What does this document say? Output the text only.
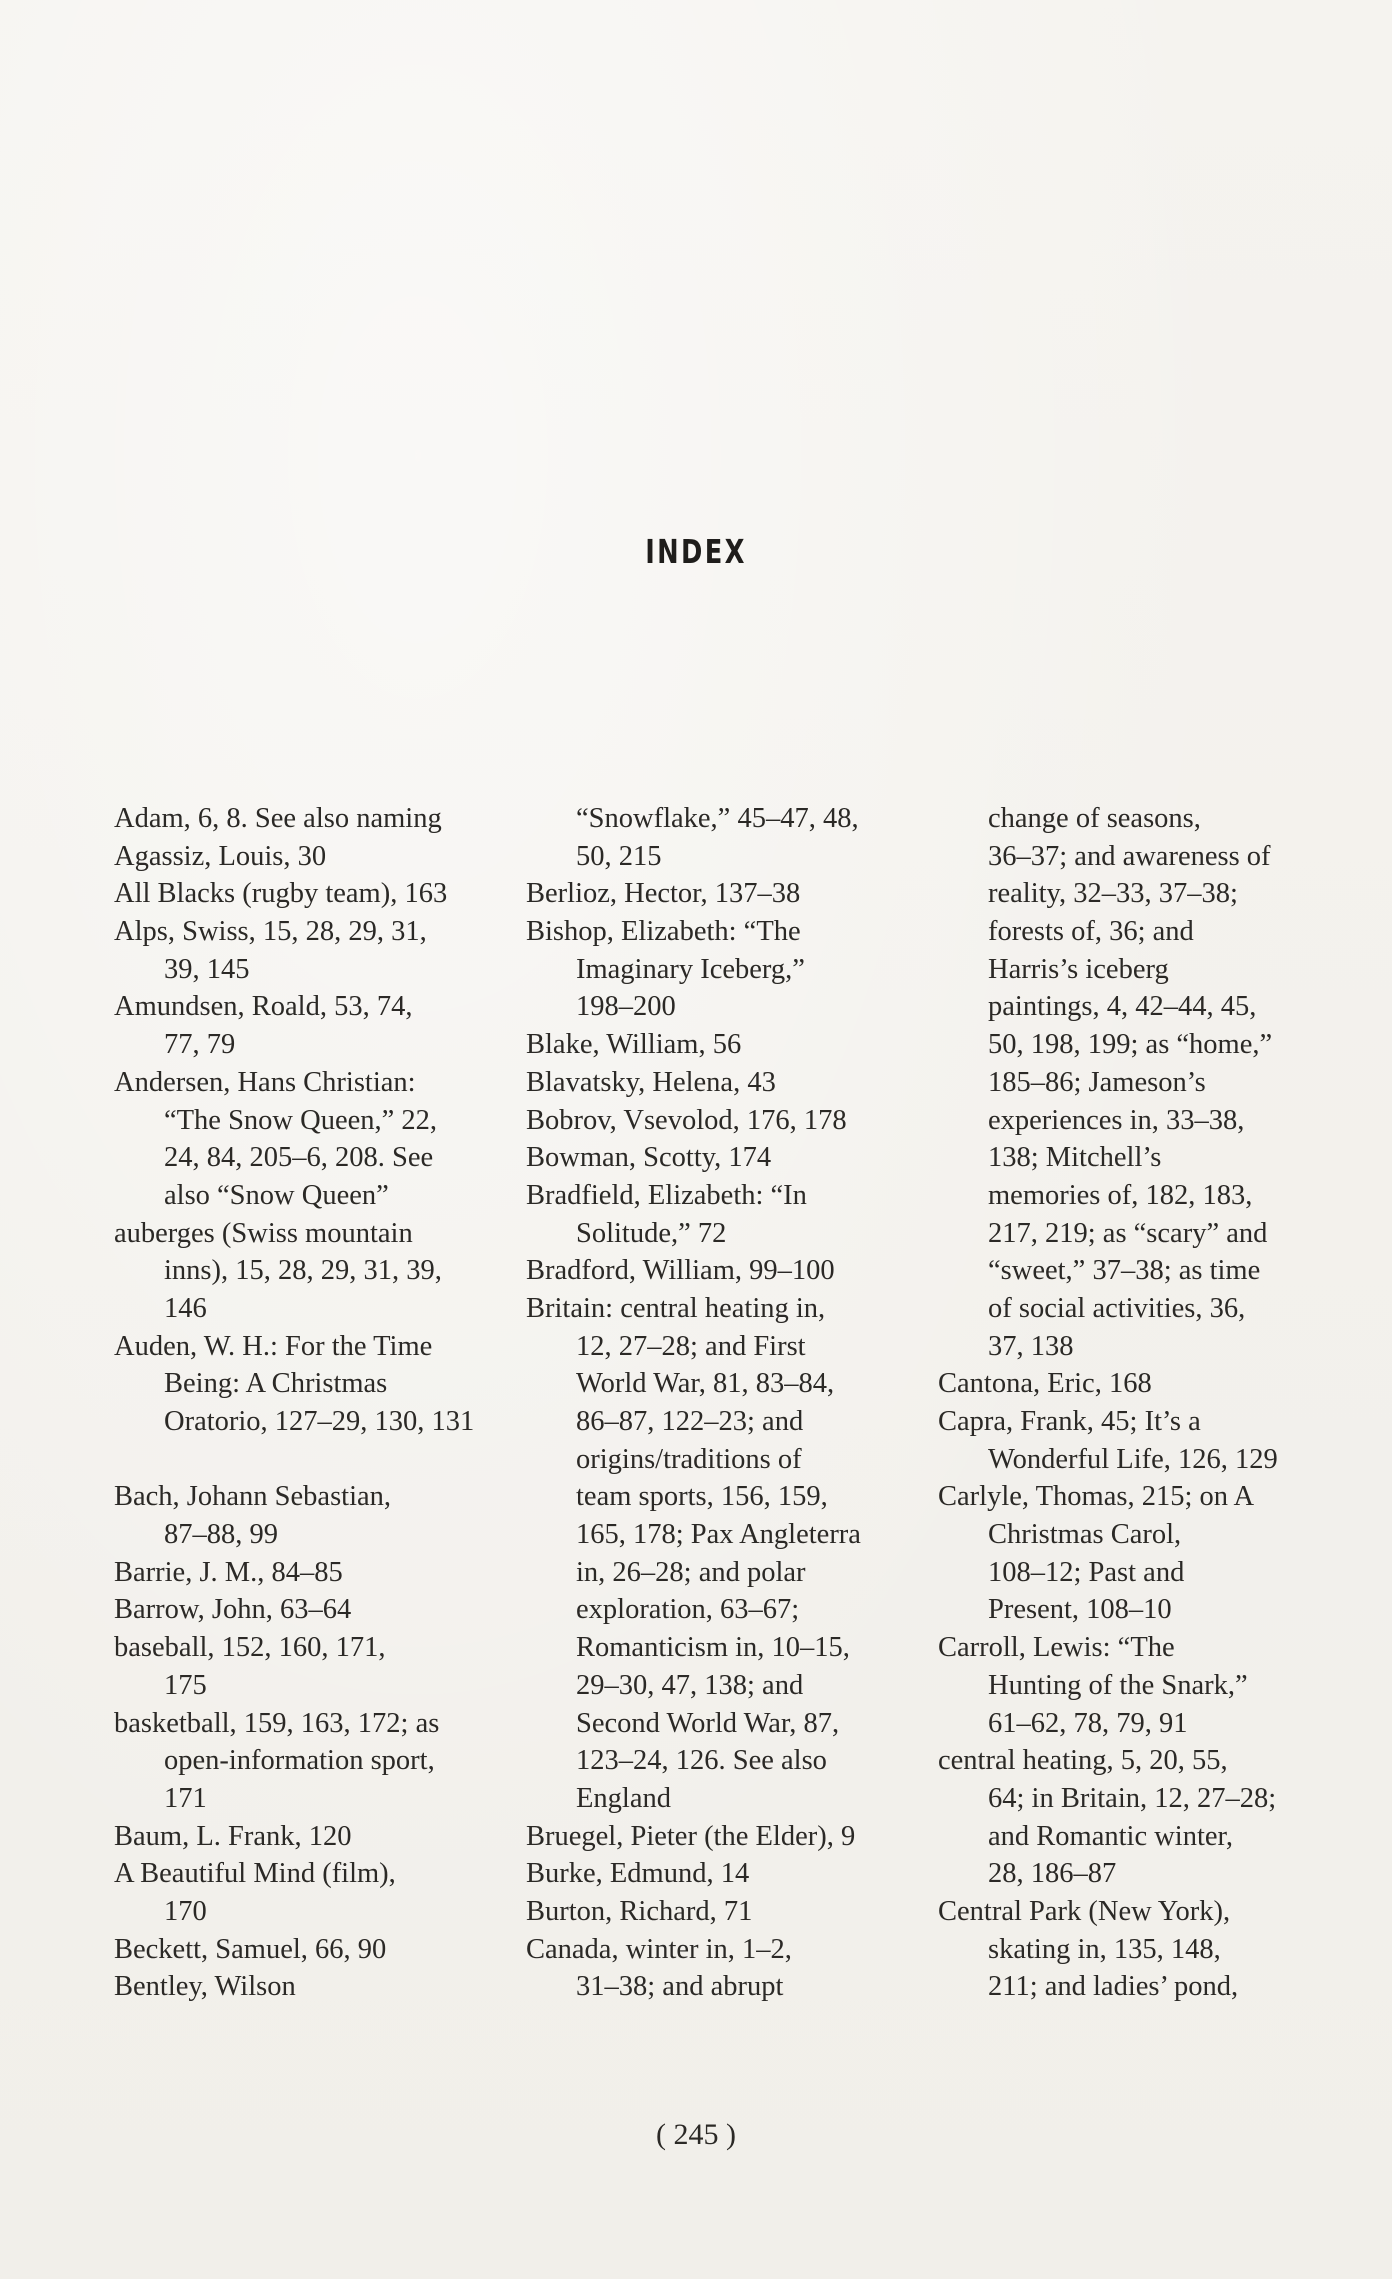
INDEX
Adam, 6, 8. See also naming
Agassiz, Louis, 30
All Blacks (rugby team), 163
Alps, Swiss, 15, 28, 29, 31,
39, 145
Amundsen, Roald, 53, 74,
77, 79
Andersen, Hans Christian:
“The Snow Queen,” 22,
24, 84, 205–6, 208. See
also “Snow Queen”
auberges (Swiss mountain
inns), 15, 28, 29, 31, 39,
146
Auden, W. H.: For the Time
Being: A Christmas
Oratorio, 127–29, 130, 131
Bach, Johann Sebastian,
87–88, 99
Barrie, J. M., 84–85
Barrow, John, 63–64
baseball, 152, 160, 171,
175
basketball, 159, 163, 172; as
open-information sport,
171
Baum, L. Frank, 120
A Beautiful Mind (film),
170
Beckett, Samuel, 66, 90
Bentley, Wilson
“Snowflake,” 45–47, 48,
50, 215
Berlioz, Hector, 137–38
Bishop, Elizabeth: “The
Imaginary Iceberg,”
198–200
Blake, William, 56
Blavatsky, Helena, 43
Bobrov, Vsevolod, 176, 178
Bowman, Scotty, 174
Bradfield, Elizabeth: “In
Solitude,” 72
Bradford, William, 99–100
Britain: central heating in,
12, 27–28; and First
World War, 81, 83–84,
86–87, 122–23; and
origins/traditions of
team sports, 156, 159,
165, 178; Pax Angleterra
in, 26–28; and polar
exploration, 63–67;
Romanticism in, 10–15,
29–30, 47, 138; and
Second World War, 87,
123–24, 126. See also
England
Bruegel, Pieter (the Elder), 9
Burke, Edmund, 14
Burton, Richard, 71
Canada, winter in, 1–2,
31–38; and abrupt
change of seasons,
36–37; and awareness of
reality, 32–33, 37–38;
forests of, 36; and
Harris’s iceberg
paintings, 4, 42–44, 45,
50, 198, 199; as “home,”
185–86; Jameson’s
experiences in, 33–38,
138; Mitchell’s
memories of, 182, 183,
217, 219; as “scary” and
“sweet,” 37–38; as time
of social activities, 36,
37, 138
Cantona, Eric, 168
Capra, Frank, 45; It’s a
Wonderful Life, 126, 129
Carlyle, Thomas, 215; on A
Christmas Carol,
108–12; Past and
Present, 108–10
Carroll, Lewis: “The
Hunting of the Snark,”
61–62, 78, 79, 91
central heating, 5, 20, 55,
64; in Britain, 12, 27–28;
and Romantic winter,
28, 186–87
Central Park (New York),
skating in, 135, 148,
211; and ladies’ pond,
( 245 )
